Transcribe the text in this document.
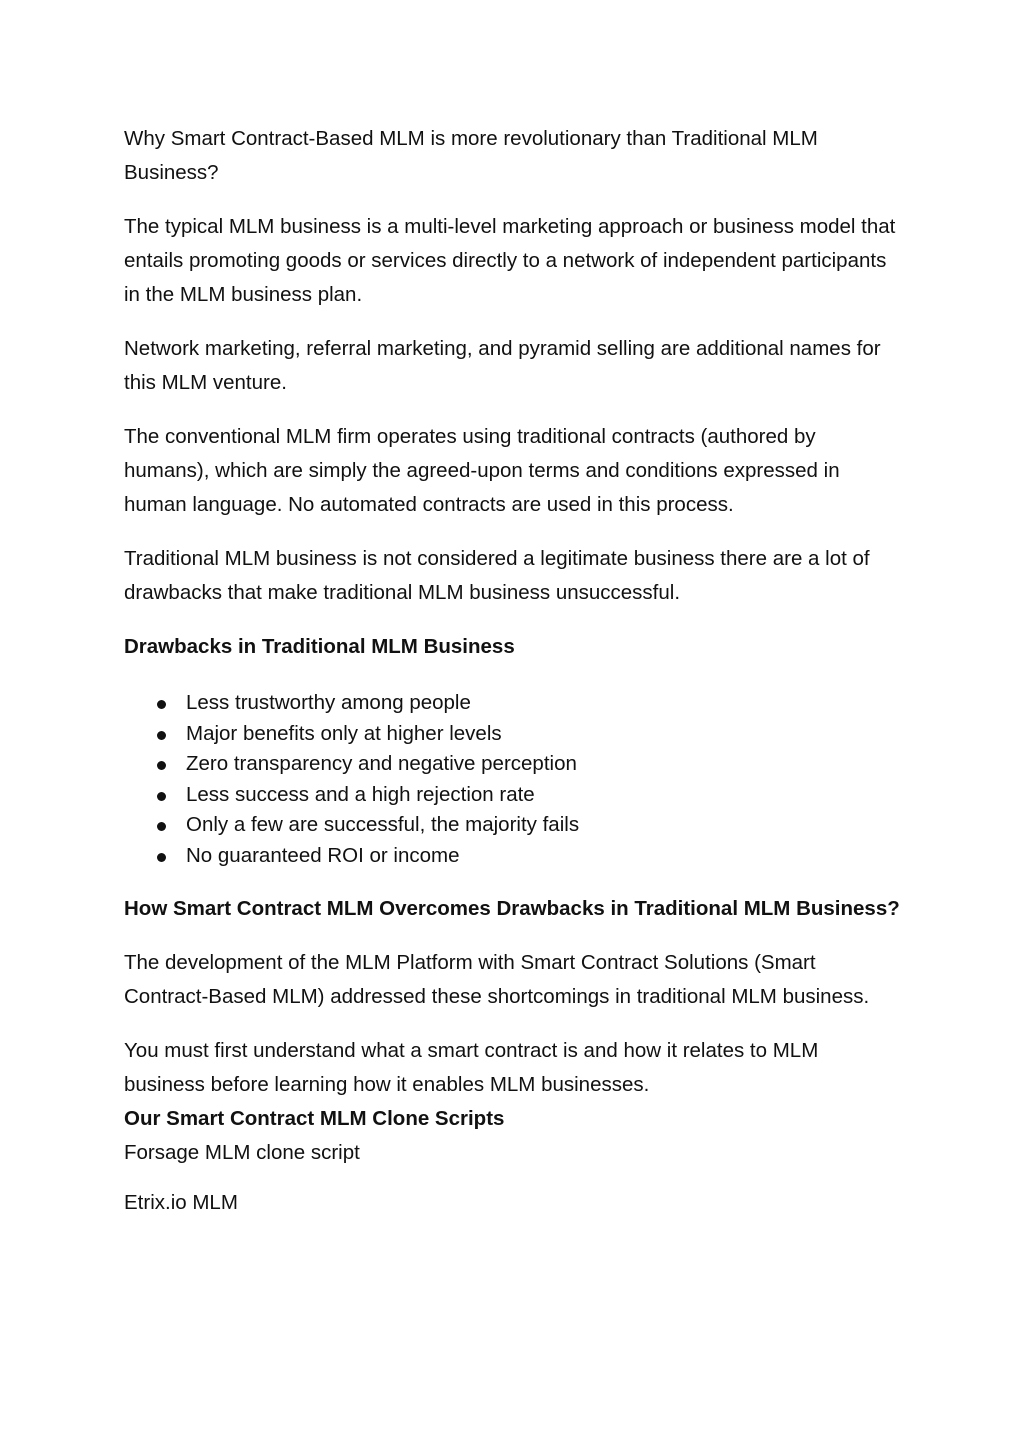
Why Smart Contract-Based MLM is more revolutionary than Traditional MLM Business?

The typical MLM business is a multi-level marketing approach or business model that entails promoting goods or services directly to a network of independent participants in the MLM business plan.

Network marketing, referral marketing, and pyramid selling are additional names for this MLM venture.

The conventional MLM firm operates using traditional contracts (authored by humans), which are simply the agreed-upon terms and conditions expressed in human language. No automated contracts are used in this process.

Traditional MLM business is not considered a legitimate business there are a lot of drawbacks that make traditional MLM business unsuccessful.

Drawbacks in Traditional MLM Business

Less trustworthy among people
Major benefits only at higher levels
Zero transparency and negative perception
Less success and a high rejection rate
Only a few are successful, the majority fails
No guaranteed ROI or income

How Smart Contract MLM Overcomes Drawbacks in Traditional MLM Business?

The development of the MLM Platform with Smart Contract Solutions (Smart Contract-Based MLM) addressed these shortcomings in traditional MLM business.

You must first understand what a smart contract is and how it relates to MLM business before learning how it enables MLM businesses.

Our Smart Contract MLM Clone Scripts

Forsage MLM clone script

Etrix.io MLM
